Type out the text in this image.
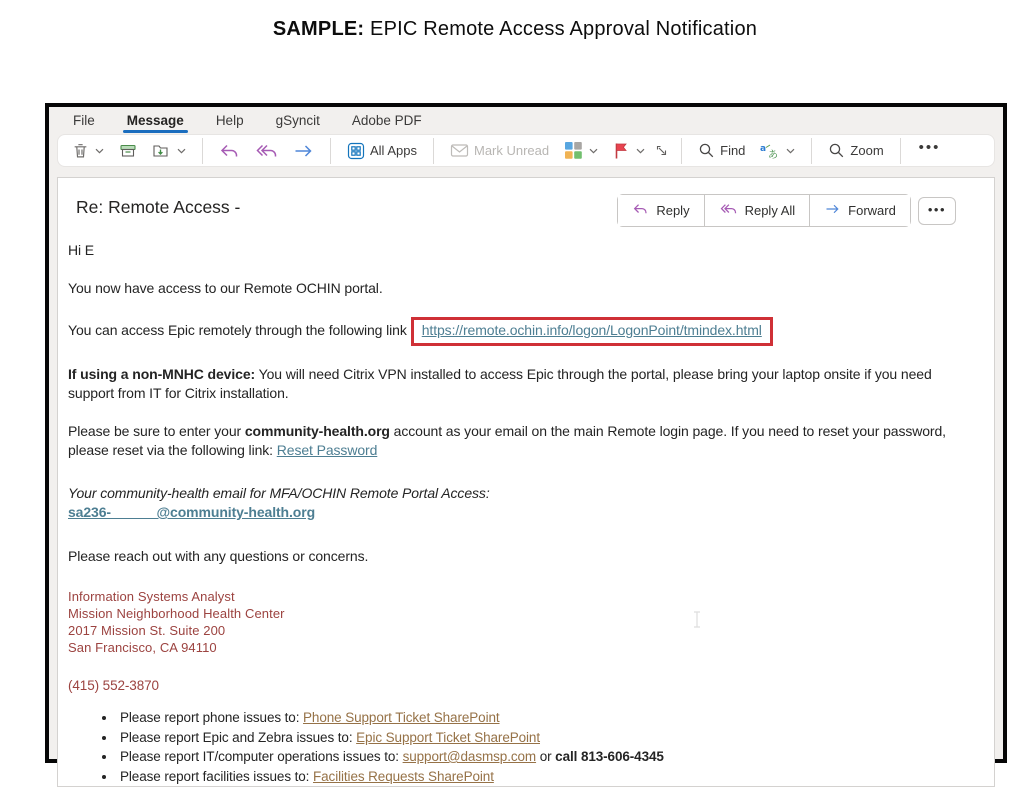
SAMPLE: EPIC Remote Access Approval Notification
File Message Help gSyncit Adobe PDF
All Apps	Mark Unread	Find a
あ	Zoom •••
Re: Remote Access -	Reply	Reply All	Forward	•••
Hi E
You now have access to our Remote OCHIN portal.
You can access Epic remotely through the following link https://remote.ochin.info/logon/LogonPoint/tmindex.html
If using a non-MNHC device: You will need Citrix VPN installed to access Epic through the portal, please bring your laptop onsite if you need support from IT for Citrix installation.
Please be sure to enter your community-health.org account as your email on the main Remote login page. If you need to reset your password, please reset via the following link: Reset Password
Your community-health email for MFA/OCHIN Remote Portal Access:
sa236-	@community-health.org
Please reach out with any questions or concerns.
Information Systems Analyst
Mission Neighborhood Health Center
2017 Mission St. Suite 200
San Francisco, CA 94110
(415) 552-3870
• Please report phone issues to: Phone Support Ticket SharePoint
• Please report Epic and Zebra issues to: Epic Support Ticket SharePoint
• Please report IT/computer operations issues to: support@dasmsp.com or call 813-606-4345
• Please report facilities issues to: Facilities Requests SharePoint
